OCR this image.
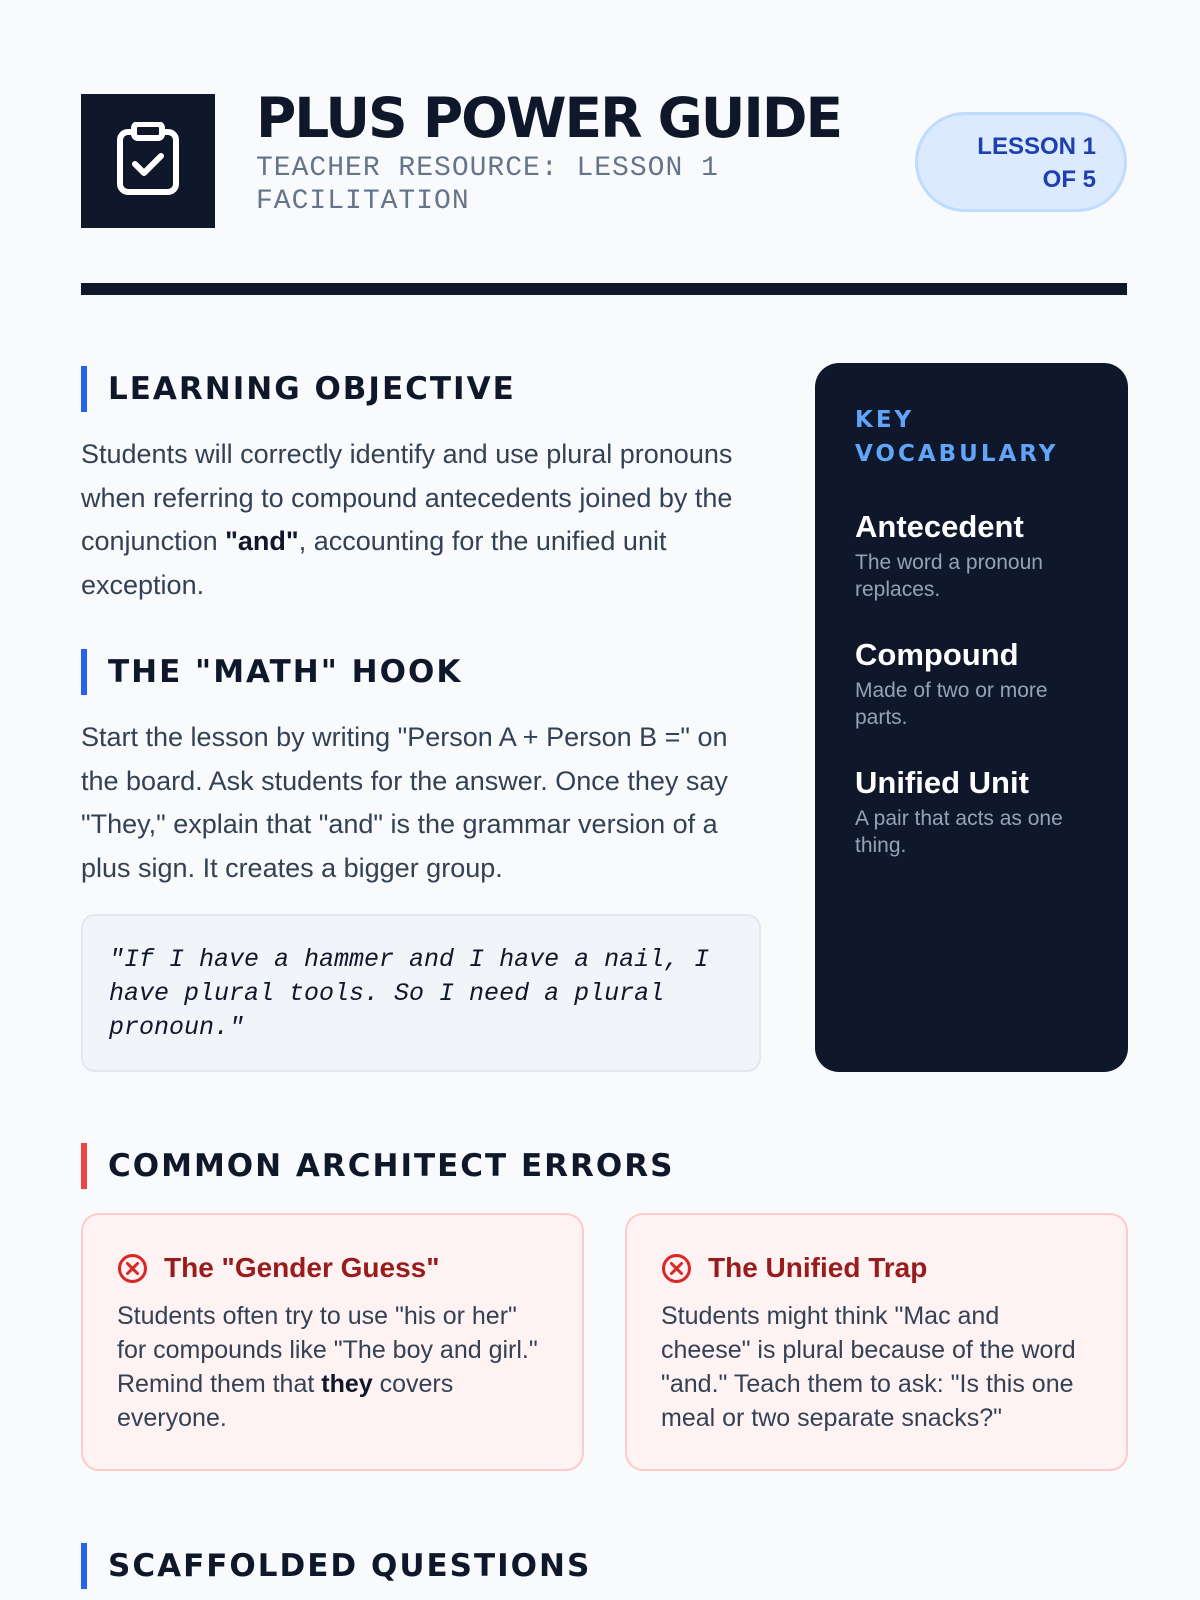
PLUS POWER GUIDE
TEACHER RESOURCE: LESSON 1 FACILITATION
LESSON 1 OF 5
LEARNING OBJECTIVE
Students will correctly identify and use plural pronouns when referring to compound antecedents joined by the conjunction "and", accounting for the unified unit exception.
THE "MATH" HOOK
Start the lesson by writing "Person A + Person B =" on the board. Ask students for the answer. Once they say "They," explain that "and" is the grammar version of a plus sign. It creates a bigger group.
"If I have a hammer and I have a nail, I have plural tools. So I need a plural pronoun."
KEY VOCABULARY
Antecedent
The word a pronoun replaces.
Compound
Made of two or more parts.
Unified Unit
A pair that acts as one thing.
COMMON ARCHITECT ERRORS
The "Gender Guess"
Students often try to use "his or her" for compounds like "The boy and girl." Remind them that they covers everyone.
The Unified Trap
Students might think "Mac and cheese" is plural because of the word "and." Teach them to ask: "Is this one meal or two separate snacks?"
SCAFFOLDED QUESTIONS
